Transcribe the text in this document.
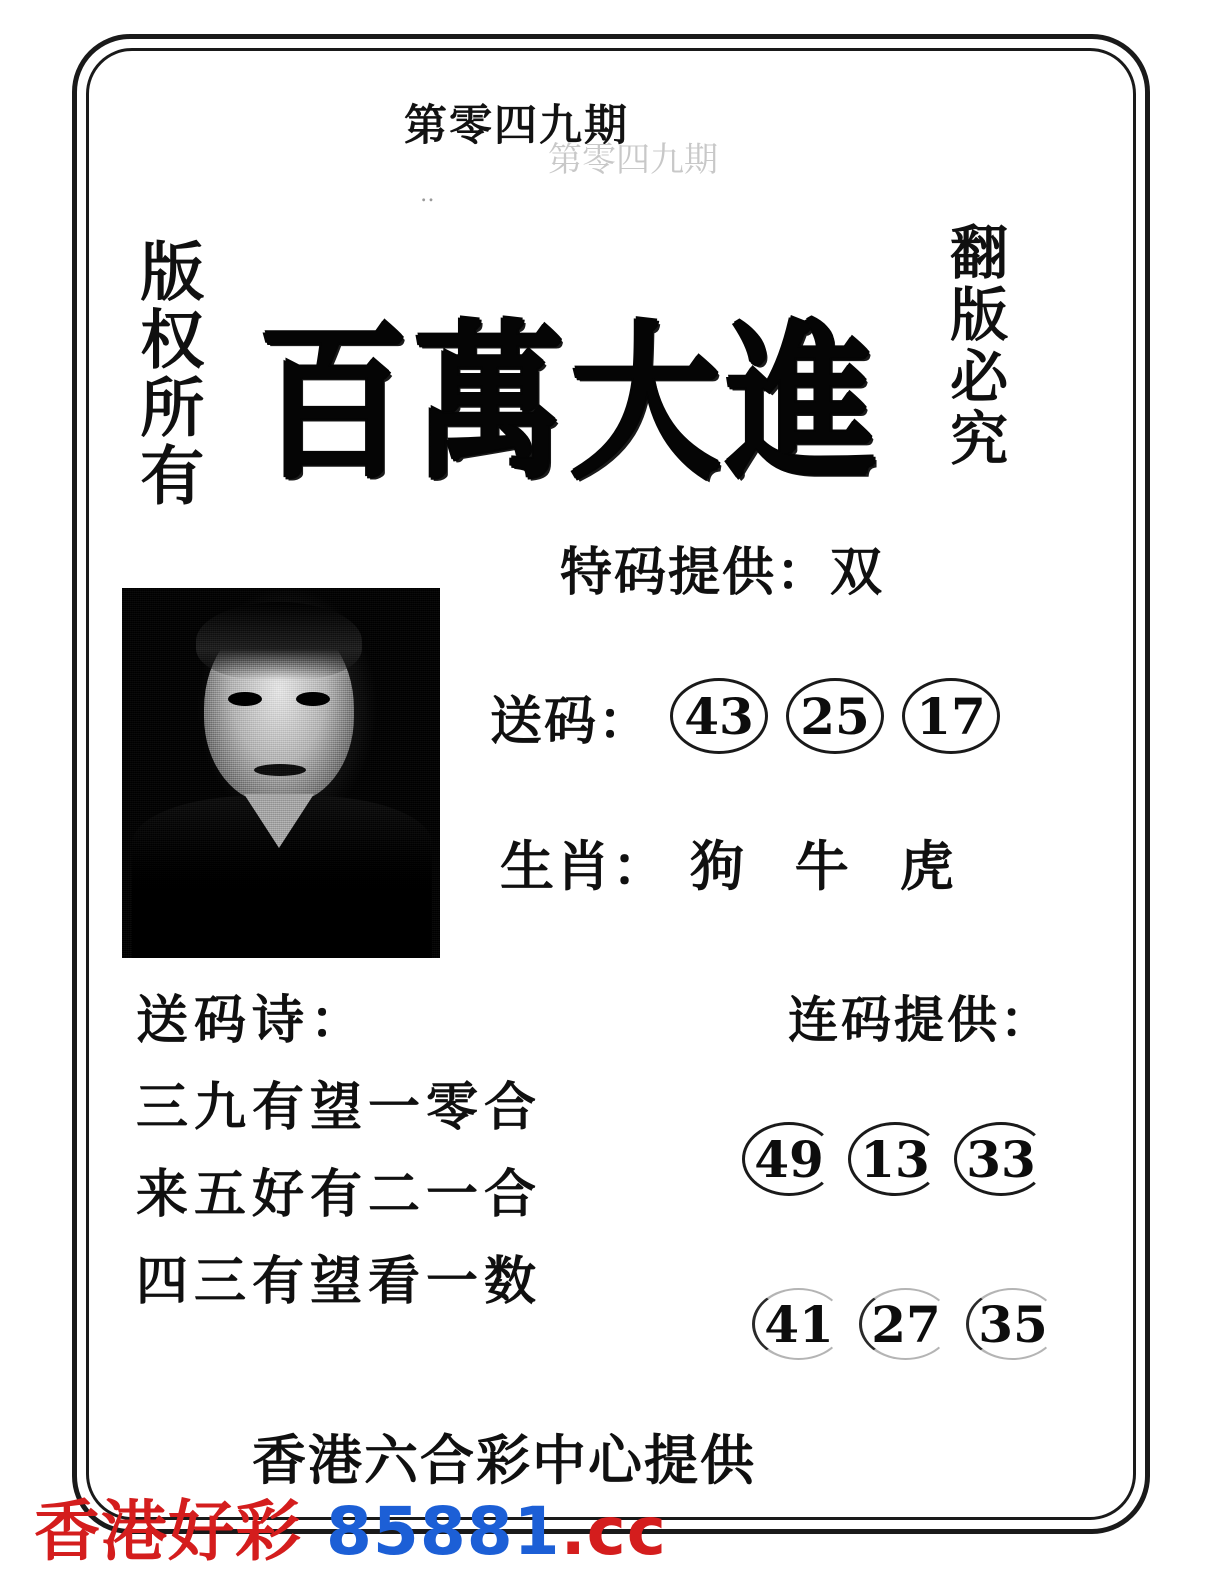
第零四九期
第零四九期
‥
版权所有	翻版必究
百萬大進
特码提供：双
送码： 43 25 17
生肖： 狗 牛 虎
送码诗：
三九有望一零合
来五好有二一合
四三有望看一数
连码提供：
49 13 33
41 27 35
香港六合彩中心提供
香港好彩 85881.cc
